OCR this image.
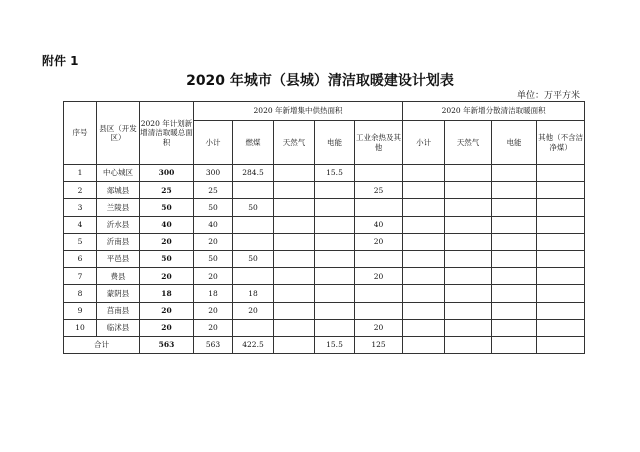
附件 1
2020 年城市（县城）清洁取暖建设计划表
单位：万平方米
序号	县区（开发区）	2020 年计划新增清洁取暖总面积	2020 年新增集中供热面积					2020 年新增分散清洁取暖面积			
			小计	燃煤	天然气	电能	工业余热及其他	小计	天然气	电能	其他（不含洁净煤）
1	中心城区	300	300	284.5		15.5					
2	郯城县	25	25				25				
3	兰陵县	50	50	50							
4	沂水县	40	40				40				
5	沂南县	20	20				20				
6	平邑县	50	50	50							
7	费县	20	20				20				
8	蒙阴县	18	18	18							
9	莒南县	20	20	20							
10	临沭县	20	20				20				
合计		563	563	422.5		15.5	125				
